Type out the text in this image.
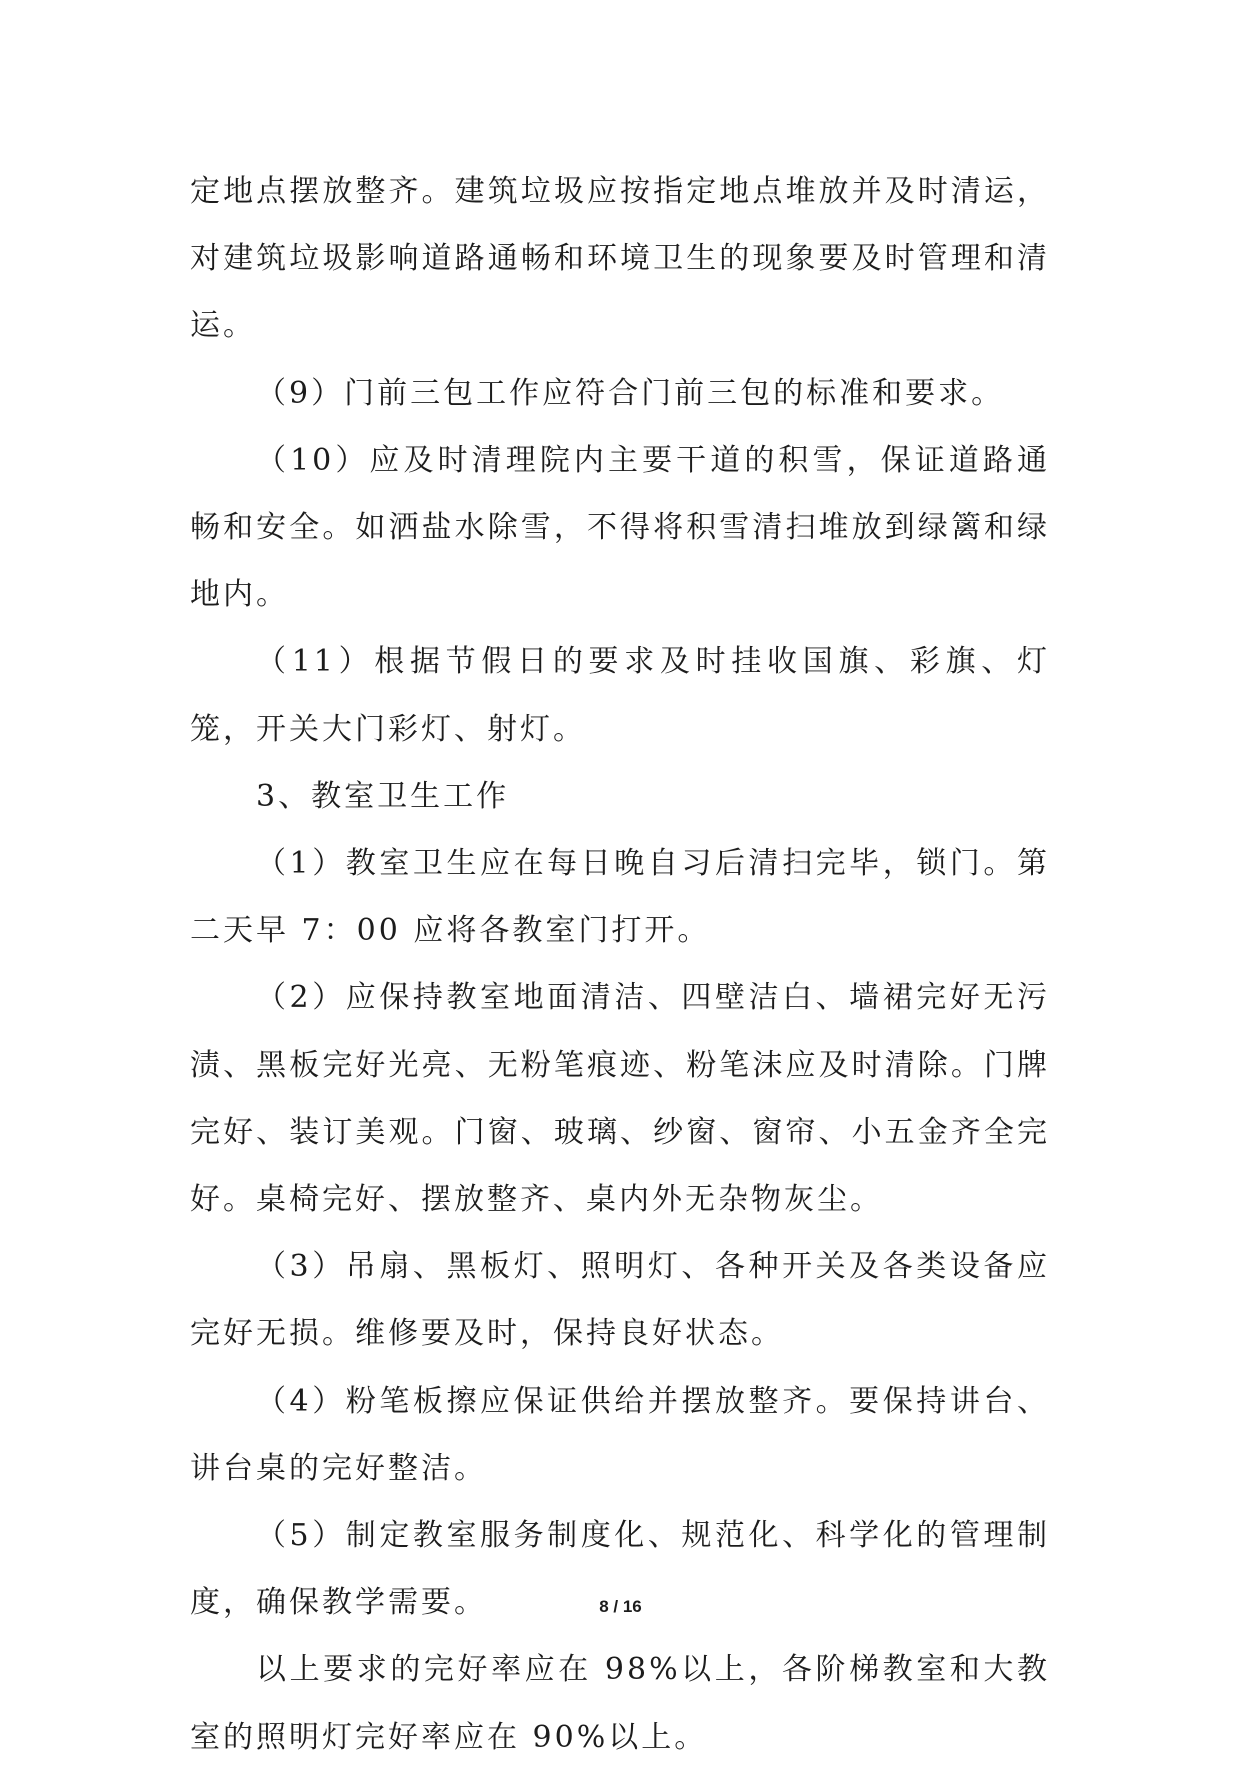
定地点摆放整齐。建筑垃圾应按指定地点堆放并及时清运，对建筑垃圾影响道路通畅和环境卫生的现象要及时管理和清运。

（9）门前三包工作应符合门前三包的标准和要求。

（10）应及时清理院内主要干道的积雪，保证道路通畅和安全。如洒盐水除雪，不得将积雪清扫堆放到绿篱和绿地内。

（11）根据节假日的要求及时挂收国旗、彩旗、灯笼，开关大门彩灯、射灯。

3、教室卫生工作

（1）教室卫生应在每日晚自习后清扫完毕，锁门。第二天早 7：00 应将各教室门打开。

（2）应保持教室地面清洁、四壁洁白、墙裙完好无污渍、黑板完好光亮、无粉笔痕迹、粉笔沫应及时清除。门牌完好、装订美观。门窗、玻璃、纱窗、窗帘、小五金齐全完好。桌椅完好、摆放整齐、桌内外无杂物灰尘。

（3）吊扇、黑板灯、照明灯、各种开关及各类设备应完好无损。维修要及时，保持良好状态。

（4）粉笔板擦应保证供给并摆放整齐。要保持讲台、讲台桌的完好整洁。

（5）制定教室服务制度化、规范化、科学化的管理制度，确保教学需要。

以上要求的完好率应在 98%以上，各阶梯教室和大教室的照明灯完好率应在 90%以上。

8 / 16
